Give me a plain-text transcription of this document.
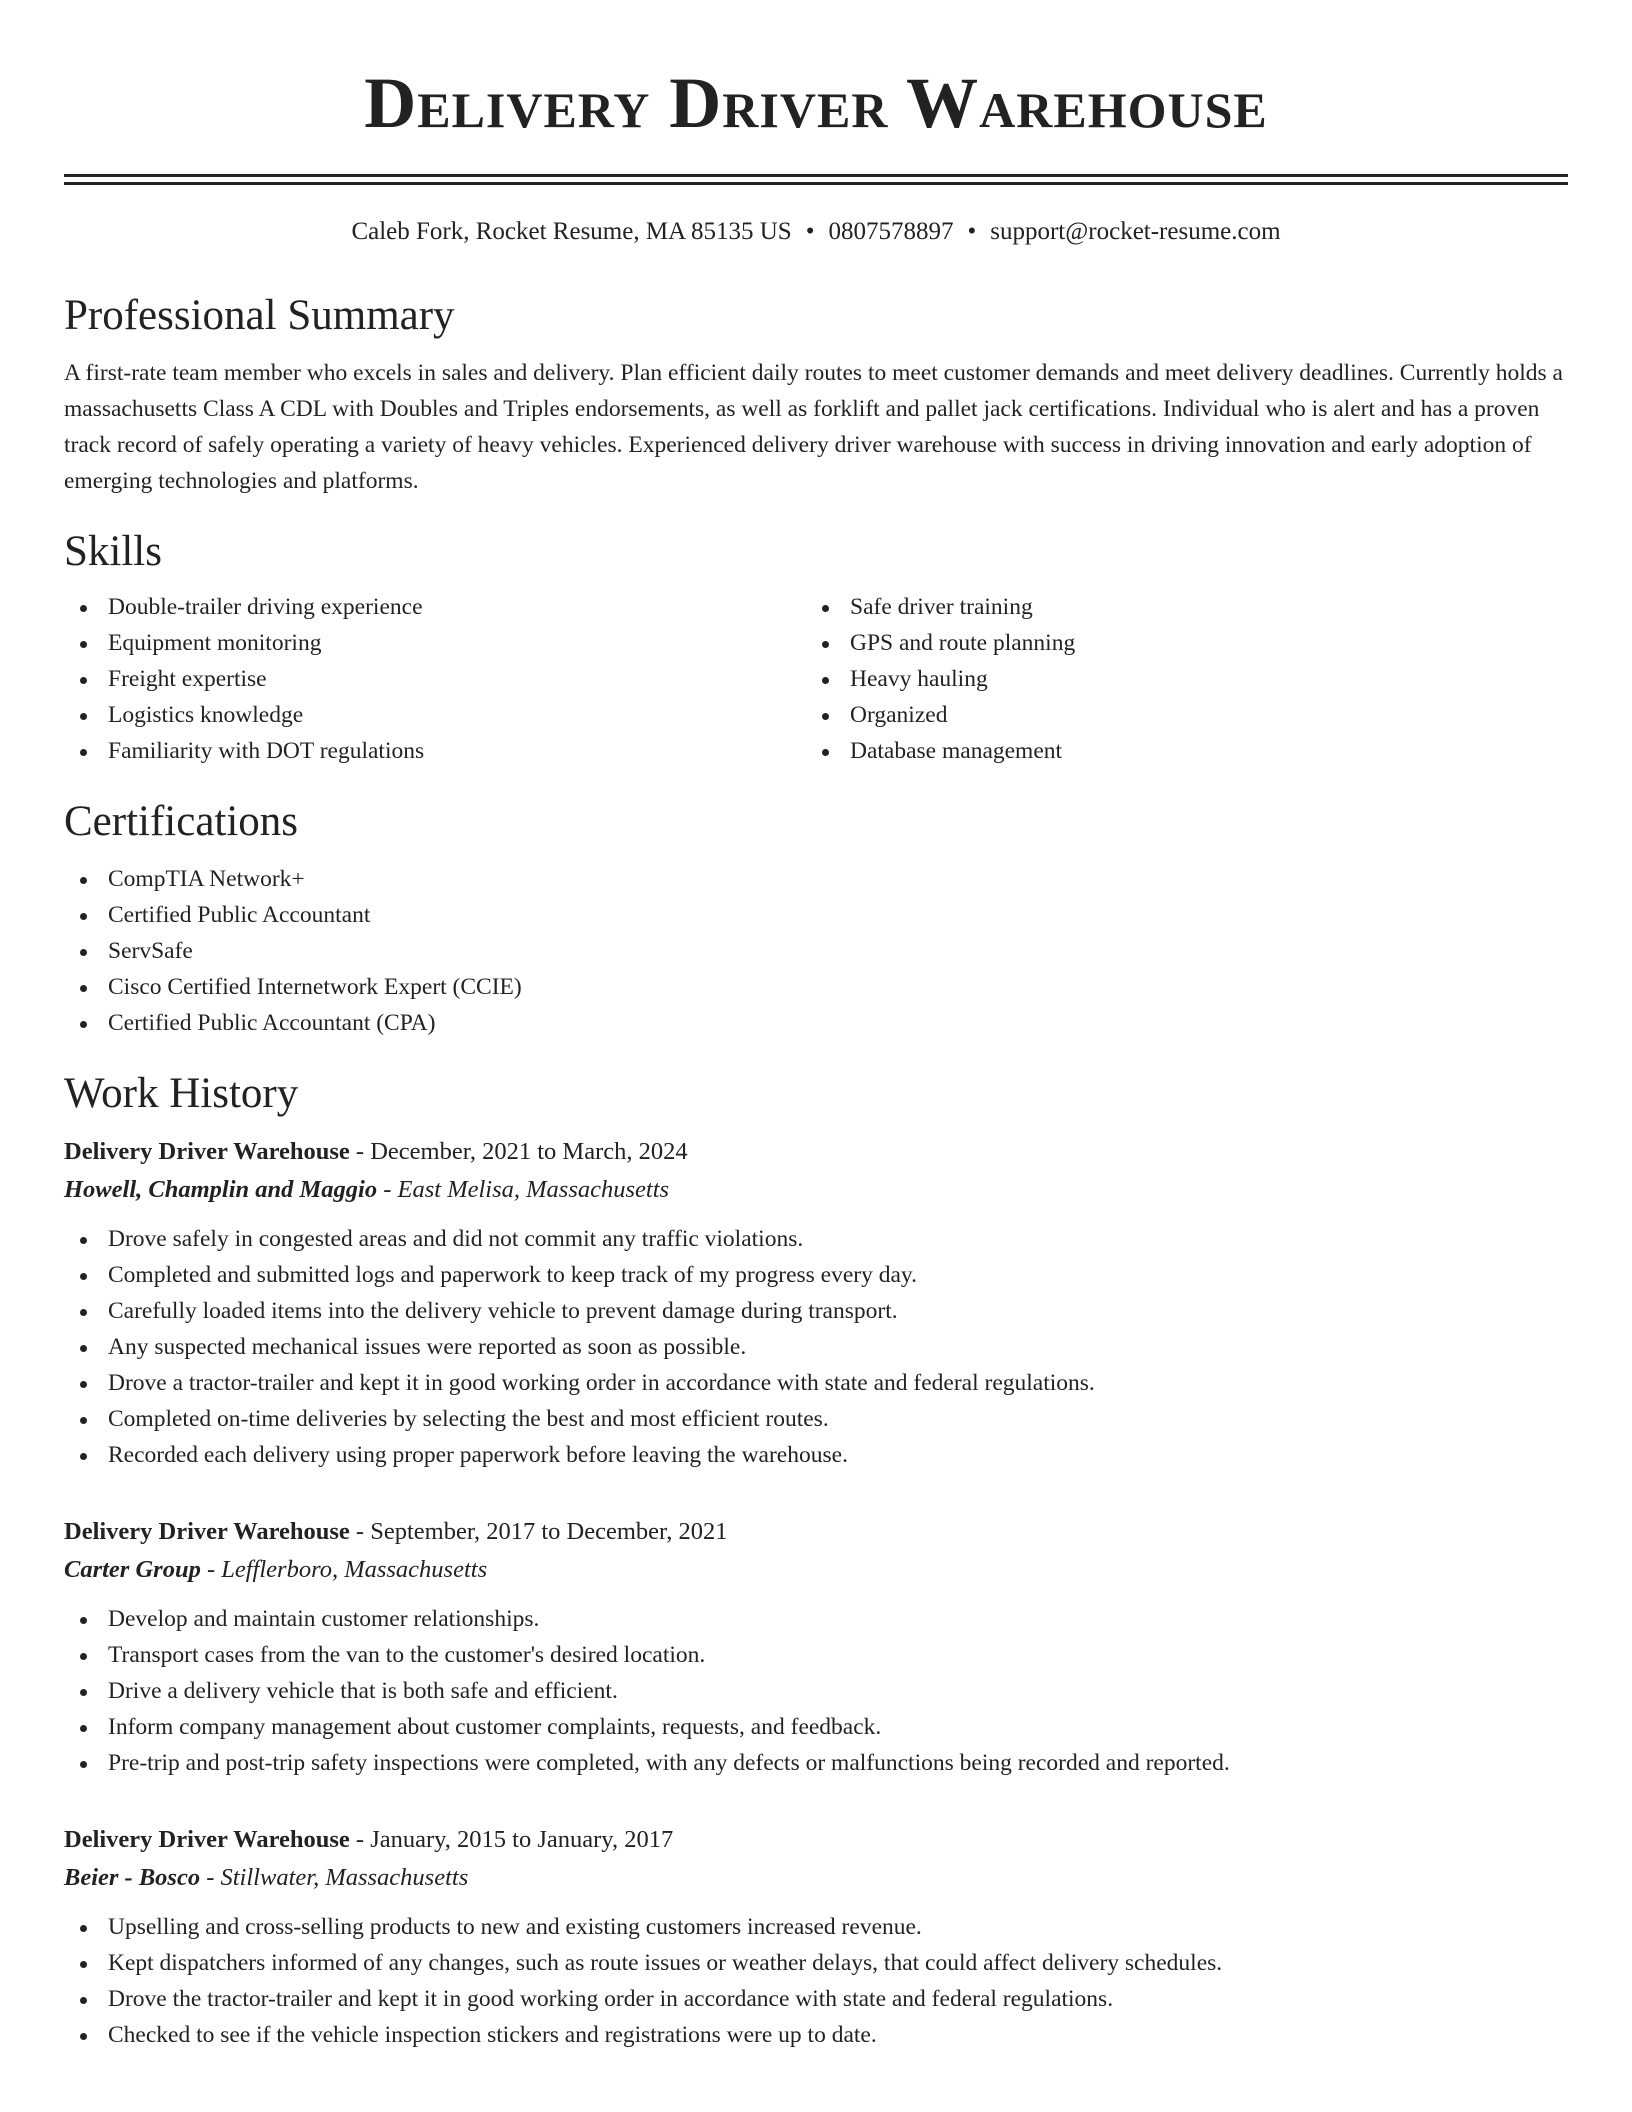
Delivery Driver Warehouse
Caleb Fork, Rocket Resume, MA 85135 US • 0807578897 • support@rocket-resume.com
Professional Summary

A first-rate team member who excels in sales and delivery. Plan efficient daily routes to meet customer demands and meet delivery deadlines. Currently holds a massachusetts Class A CDL with Doubles and Triples endorsements, as well as forklift and pallet jack certifications. Individual who is alert and has a proven track record of safely operating a variety of heavy vehicles. Experienced delivery driver warehouse with success in driving innovation and early adoption of emerging technologies and platforms.

Skills
Double-trailer driving experience
Equipment monitoring
Freight expertise
Logistics knowledge
Familiarity with DOT regulations
Safe driver training
GPS and route planning
Heavy hauling
Organized
Database management
Certifications
CompTIA Network+
Certified Public Accountant
ServSafe
Cisco Certified Internetwork Expert (CCIE)
Certified Public Accountant (CPA)
Work History
Delivery Driver Warehouse - December, 2021 to March, 2024
Howell, Champlin and Maggio - East Melisa, Massachusetts
Drove safely in congested areas and did not commit any traffic violations.
Completed and submitted logs and paperwork to keep track of my progress every day.
Carefully loaded items into the delivery vehicle to prevent damage during transport.
Any suspected mechanical issues were reported as soon as possible.
Drove a tractor-trailer and kept it in good working order in accordance with state and federal regulations.
Completed on-time deliveries by selecting the best and most efficient routes.
Recorded each delivery using proper paperwork before leaving the warehouse.
Delivery Driver Warehouse - September, 2017 to December, 2021
Carter Group - Lefflerboro, Massachusetts
Develop and maintain customer relationships.
Transport cases from the van to the customer's desired location.
Drive a delivery vehicle that is both safe and efficient.
Inform company management about customer complaints, requests, and feedback.
Pre-trip and post-trip safety inspections were completed, with any defects or malfunctions being recorded and reported.
Delivery Driver Warehouse - January, 2015 to January, 2017
Beier - Bosco - Stillwater, Massachusetts
Upselling and cross-selling products to new and existing customers increased revenue.
Kept dispatchers informed of any changes, such as route issues or weather delays, that could affect delivery schedules.
Drove the tractor-trailer and kept it in good working order in accordance with state and federal regulations.
Checked to see if the vehicle inspection stickers and registrations were up to date.
